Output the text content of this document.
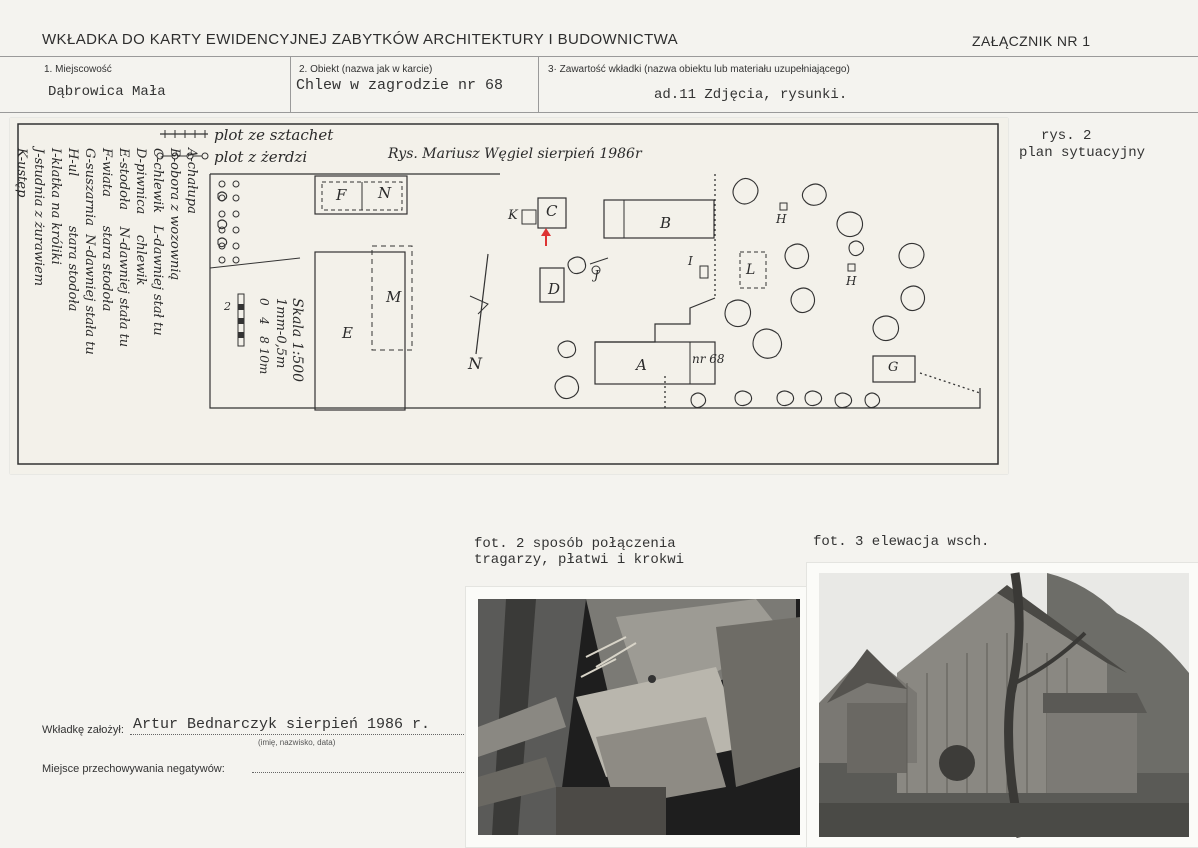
WKŁADKA DO KARTY EWIDENCYJNEJ ZABYTKÓW ARCHITEKTURY I BUDOWNICTWA	ZAŁĄCZNIK NR 1
1. Miejscowość
Dąbrowica Mała
2. Obiekt (nazwa jak w karcie)
Chlew w zagrodzie nr 68
3· Zawartość wkładki (nazwa obiektu lub materiału uzupełniającego)
ad.11 Zdjęcia, rysunki.
plot ze sztachet
plot z żerdzi	Rys. Mariusz Węgiel sierpień 1986r
A-chałupa
B-obora z wozownią
C-chlewik   L-dawniej stał tu
D-piwnica     chlewik
E-stodoła    N-dawniej stała tu
F-wiata       stara stodoła
G-suszarnia  N-dawniej stała tu
H-ul            stara stodoła
I-klatka na króliki
J-studnia z żurawiem
K-ustęp
Skala 1:500
1mm-0,5m
0   4   8 10m
2
F N
M
E
K C
B
D
J
I
A	nr 68
L
H
H
G
N
rys. 2
plan sytuacyjny
fot. 2 sposób połączenia
tragarzy, płatwi i krokwi
fot. 3 elewacja wsch.
Wkładkę założył: Artur Bednarczyk sierpień 1986 r.
(imię, nazwisko, data)
Miejsce przechowywania negatywów:
